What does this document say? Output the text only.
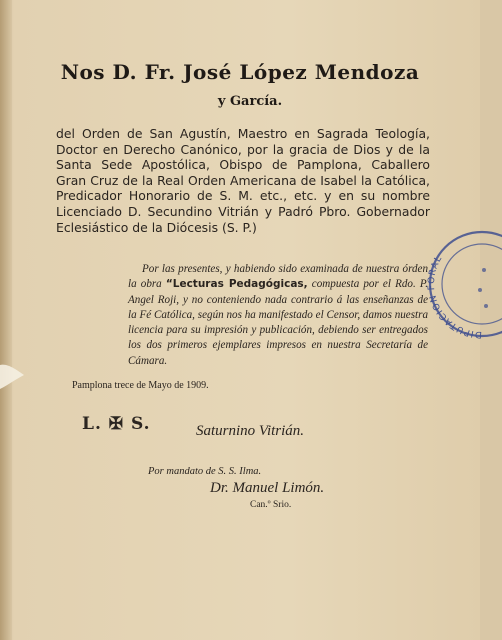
Nos D. Fr. José López Mendoza
y García.
del Orden de San Agustín, Maestro en Sagrada Teología, Doctor en Derecho Canónico, por la gracia de Dios y de la Santa Sede Apostólica, Obispo de Pamplona, Caballero Gran Cruz de la Real Orden Americana de Isabel la Católica, Predicador Honorario de S. M. etc., etc. y en su nombre Licenciado D. Secundino Vitrián y Padró Pbro. Gobernador Eclesiástico de la Diócesis (S. P.)
Por las presentes, y habiendo sido examinada de nuestra órden la obra “Lecturas Pedagógicas, compuesta por el Rdo. P. Angel Roji, y no conteniendo nada contrario á las enseñanzas de la Fé Católica, según nos ha manifestado el Censor, damos nuestra licencia para su impresión y publicación, debiendo ser entregados los dos primeros ejemplares impresos en nuestra Secretaría de Cámara.
Pamplona trece de Mayo de 1909.
L. ✠ S.	Saturnino Vitrián.
Por mandato de S. S. Ilma.
Dr. Manuel Limón.
Can.º Srio.
DIPUTACION FORAL
